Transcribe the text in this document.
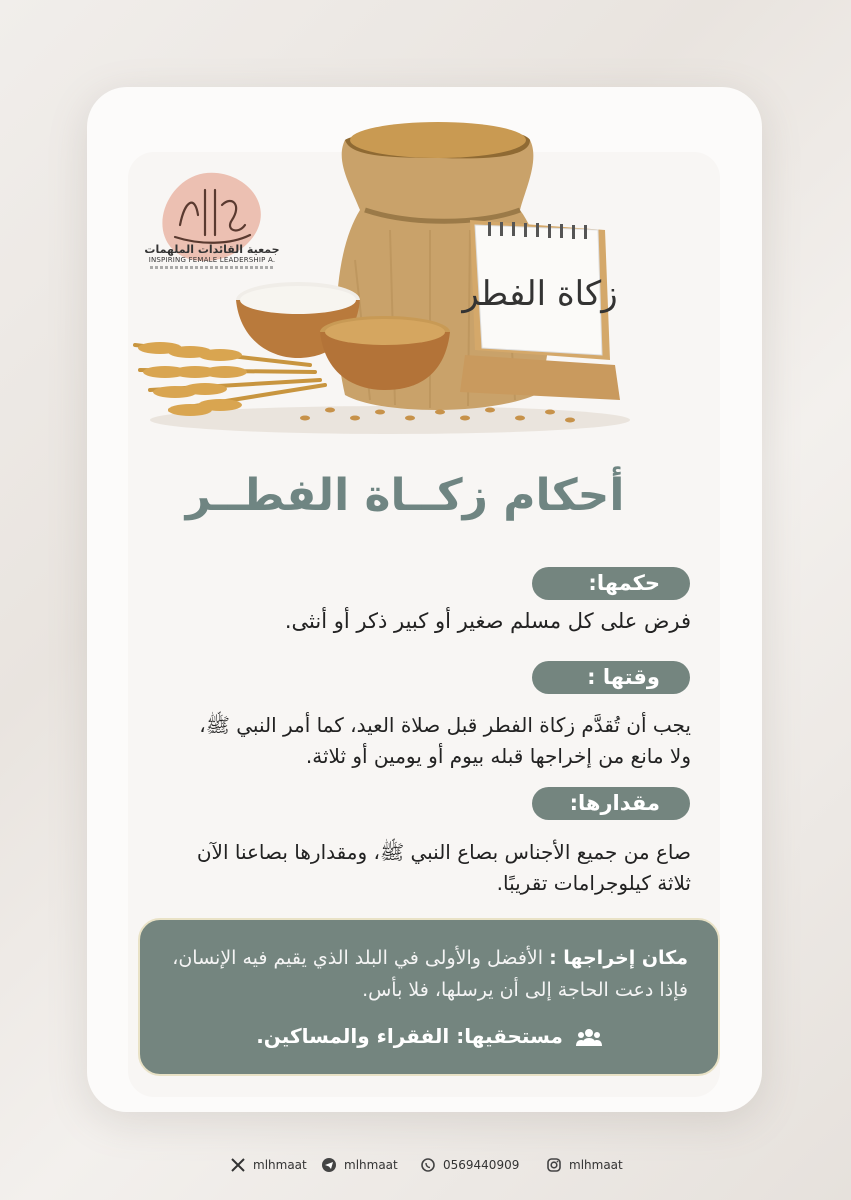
زكاة الفطر
جمعية القائدات الملهمات
INSPIRING FEMALE LEADERSHIP A.
أحكام زكــاة الفطــر
حكمها:
فرض على كل مسلم صغير أو كبير ذكر أو أنثى.
وقتها :
يجب أن تُقدَّم زكاة الفطر قبل صلاة العيد، كما أمر النبي ﷺ، ولا مانع من إخراجها قبله بيوم أو يومين أو ثلاثة.
مقدارها:
صاع من جميع الأجناس بصاع النبي ﷺ، ومقدارها بصاعنا الآن ثلاثة كيلوجرامات تقريبًا.
مكان إخراجها : الأفضل والأولى في البلد الذي يقيم فيه الإنسان، فإذا دعت الحاجة إلى أن يرسلها، فلا بأس.
مستحقيها: الفقراء والمساكين.
mlhmaat	mlhmaat	0569440909	mlhmaat
